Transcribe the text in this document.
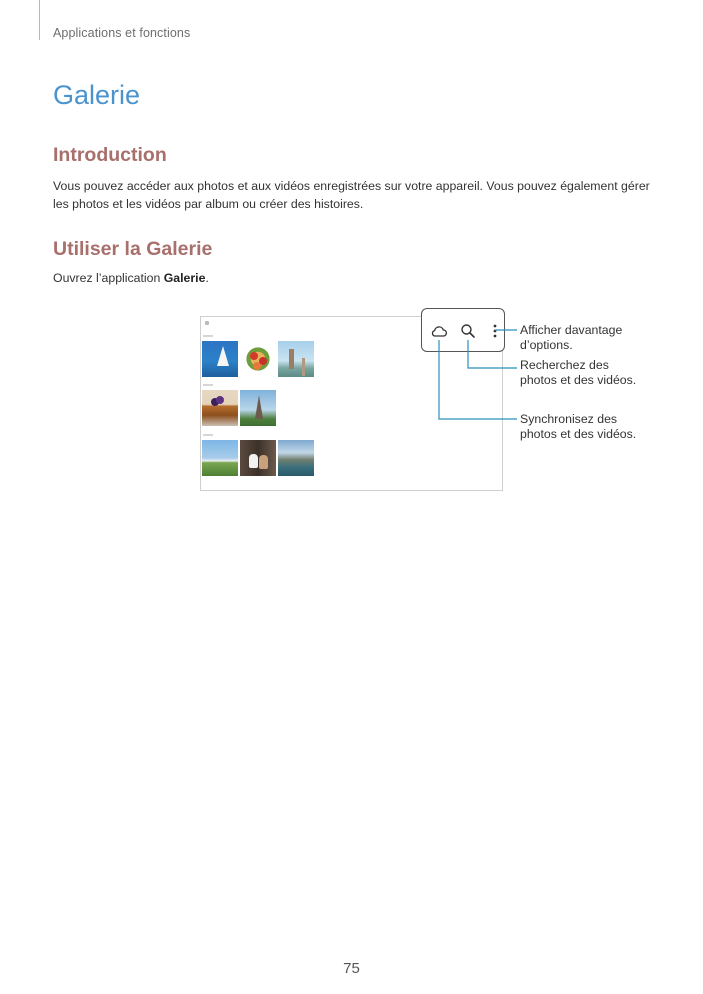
Applications et fonctions
Galerie
Introduction

Vous pouvez accéder aux photos et aux vidéos enregistrées sur votre appareil. Vous pouvez également gérer
les photos et les vidéos par album ou créer des histoires.

Utiliser la Galerie

Ouvrez l’application Galerie.

Afficher davantage
d’options.

Recherchez des
photos et des vidéos.

Synchronisez des
photos et des vidéos.

75
